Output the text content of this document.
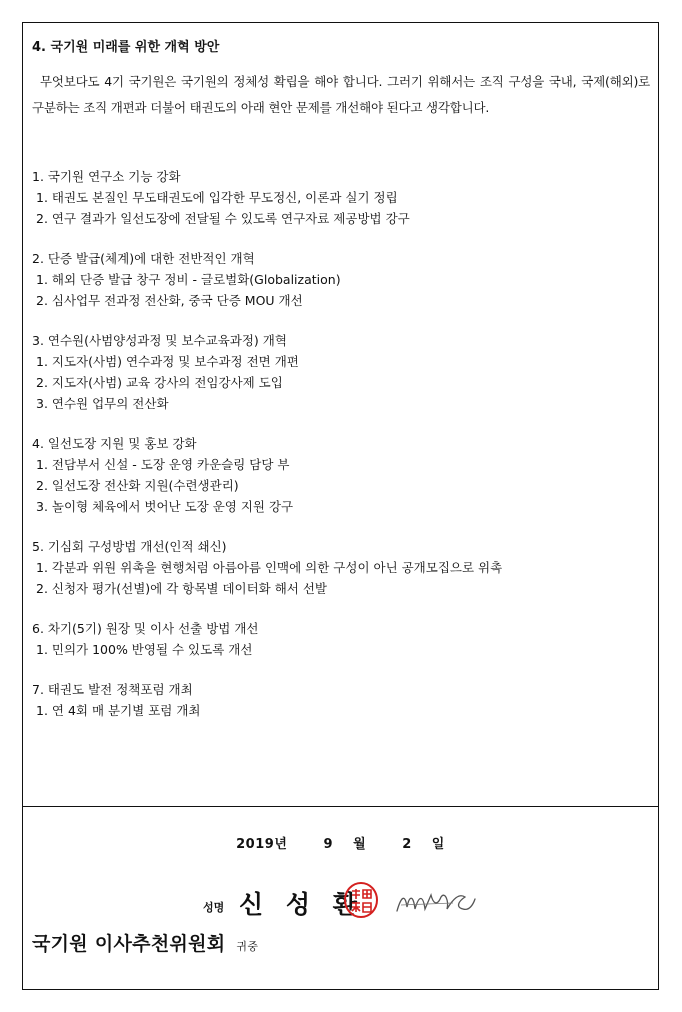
4. 국기원 미래를 위한 개혁 방안

무엇보다도 4기 국기원은 국기원의 정체성 확립을 해야 합니다. 그러기 위해서는 조직 구성을 국내, 국제(해외)로 구분하는 조직 개편과 더불어 태권도의 아래 현안 문제를 개선해야 된다고 생각합니다.

1. 국기원 연구소 기능 강화
1. 태권도 본질인 무도태권도에 입각한 무도정신, 이론과 실기 정립
2. 연구 결과가 일선도장에 전달될 수 있도록 연구자료 제공방법 강구
2. 단증 발급(체계)에 대한 전반적인 개혁
1. 해외 단증 발급 창구 정비 - 글로벌화(Globalization)
2. 심사업무 전과정 전산화, 중국 단증 MOU 개선
3. 연수원(사범양성과정 및 보수교육과정) 개혁
1. 지도자(사범) 연수과정 및 보수과정 전면 개편
2. 지도자(사범) 교육 강사의 전임강사제 도입
3. 연수원 업무의 전산화
4. 일선도장 지원 및 홍보 강화
1. 전담부서 신설 - 도장 운영 카운슬링 담당 부
2. 일선도장 전산화 지원(수련생관리)
3. 놀이형 체육에서 벗어난 도장 운영 지원 강구
5. 기심회 구성방법 개선(인적 쇄신)
1. 각분과 위원 위촉을 현행처럼 아름아름 인맥에 의한 구성이 아닌 공개모집으로 위촉
2. 신청자 평가(선별)에 각 항목별 데이터화 해서 선발
6. 차기(5기) 원장 및 이사 선출 방법 개선
1. 민의가 100% 반영될 수 있도록 개선
7. 태권도 발전 정책포럼 개최
1. 연 4회 매 분기별 포럼 개최
2019년	9 월	2 일
성명 신 성 환
국기원 이사추천위원회 귀중
